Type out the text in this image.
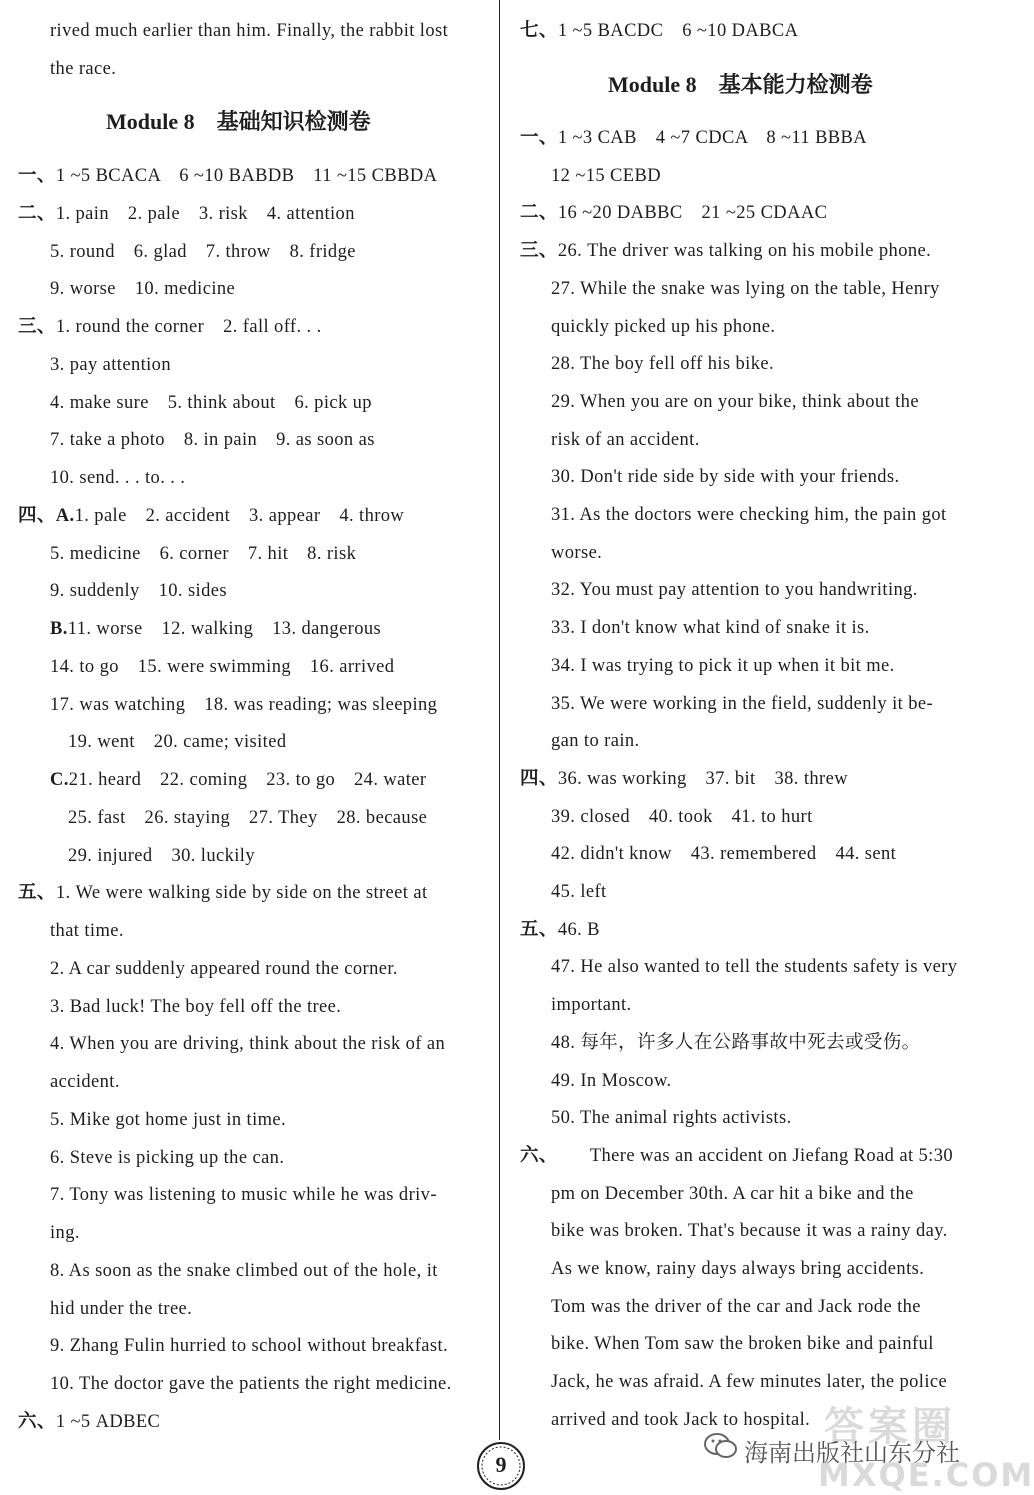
rived much earlier than him. Finally, the rabbit lost
the race.
Module 8　基础知识检测卷
一、1 ~5 BCACA　6 ~10 BABDB　11 ~15 CBBDA
二、1. pain　2. pale　3. risk　4. attention
5. round　6. glad　7. throw　8. fridge
9. worse　10. medicine
三、1. round the corner　2. fall off. . .
3. pay attention
4. make sure　5. think about　6. pick up
7. take a photo　8. in pain　9. as soon as
10. send. . . to. . .
四、A.1. pale　2. accident　3. appear　4. throw
5. medicine　6. corner　7. hit　8. risk
9. suddenly　10. sides
B.11. worse　12. walking　13. dangerous
14. to go　15. were swimming　16. arrived
17. was watching　18. was reading; was sleeping
19. went　20. came; visited
C.21. heard　22. coming　23. to go　24. water
25. fast　26. staying　27. They　28. because
29. injured　30. luckily
五、1. We were walking side by side on the street at
that time.
2. A car suddenly appeared round the corner.
3. Bad luck! The boy fell off the tree.
4. When you are driving, think about the risk of an
accident.
5. Mike got home just in time.
6. Steve is picking up the can.
7. Tony was listening to music while he was driv-
ing.
8. As soon as the snake climbed out of the hole, it
hid under the tree.
9. Zhang Fulin hurried to school without breakfast.
10. The doctor gave the patients the right medicine.
六、1 ~5 ADBEC
七、1 ~5 BACDC　6 ~10 DABCA
Module 8　基本能力检测卷
一、1 ~3 CAB　4 ~7 CDCA　8 ~11 BBBA
12 ~15 CEBD
二、16 ~20 DABBC　21 ~25 CDAAC
三、26. The driver was talking on his mobile phone.
27. While the snake was lying on the table, Henry
quickly picked up his phone.
28. The boy fell off his bike.
29. When you are on your bike, think about the
risk of an accident.
30. Don't ride side by side with your friends.
31. As the doctors were checking him, the pain got
worse.
32. You must pay attention to you handwriting.
33. I don't know what kind of snake it is.
34. I was trying to pick it up when it bit me.
35. We were working in the field, suddenly it be-
gan to rain.
四、36. was working　37. bit　38. threw
39. closed　40. took　41. to hurt
42. didn't know　43. remembered　44. sent
45. left
五、46. B
47. He also wanted to tell the students safety is very
important.
48. 每年，许多人在公路事故中死去或受伤。
49. In Moscow.
50. The animal rights activists.
六、 There was an accident on Jiefang Road at 5:30
pm on December 30th. A car hit a bike and the
bike was broken. That's because it was a rainy day.
As we know, rainy days always bring accidents.
Tom was the driver of the car and Jack rode the
bike. When Tom saw the broken bike and painful
Jack, he was afraid. A few minutes later, the police
arrived and took Jack to hospital.
9
答案圈
海南出版社山东分社
MXQE.COM
